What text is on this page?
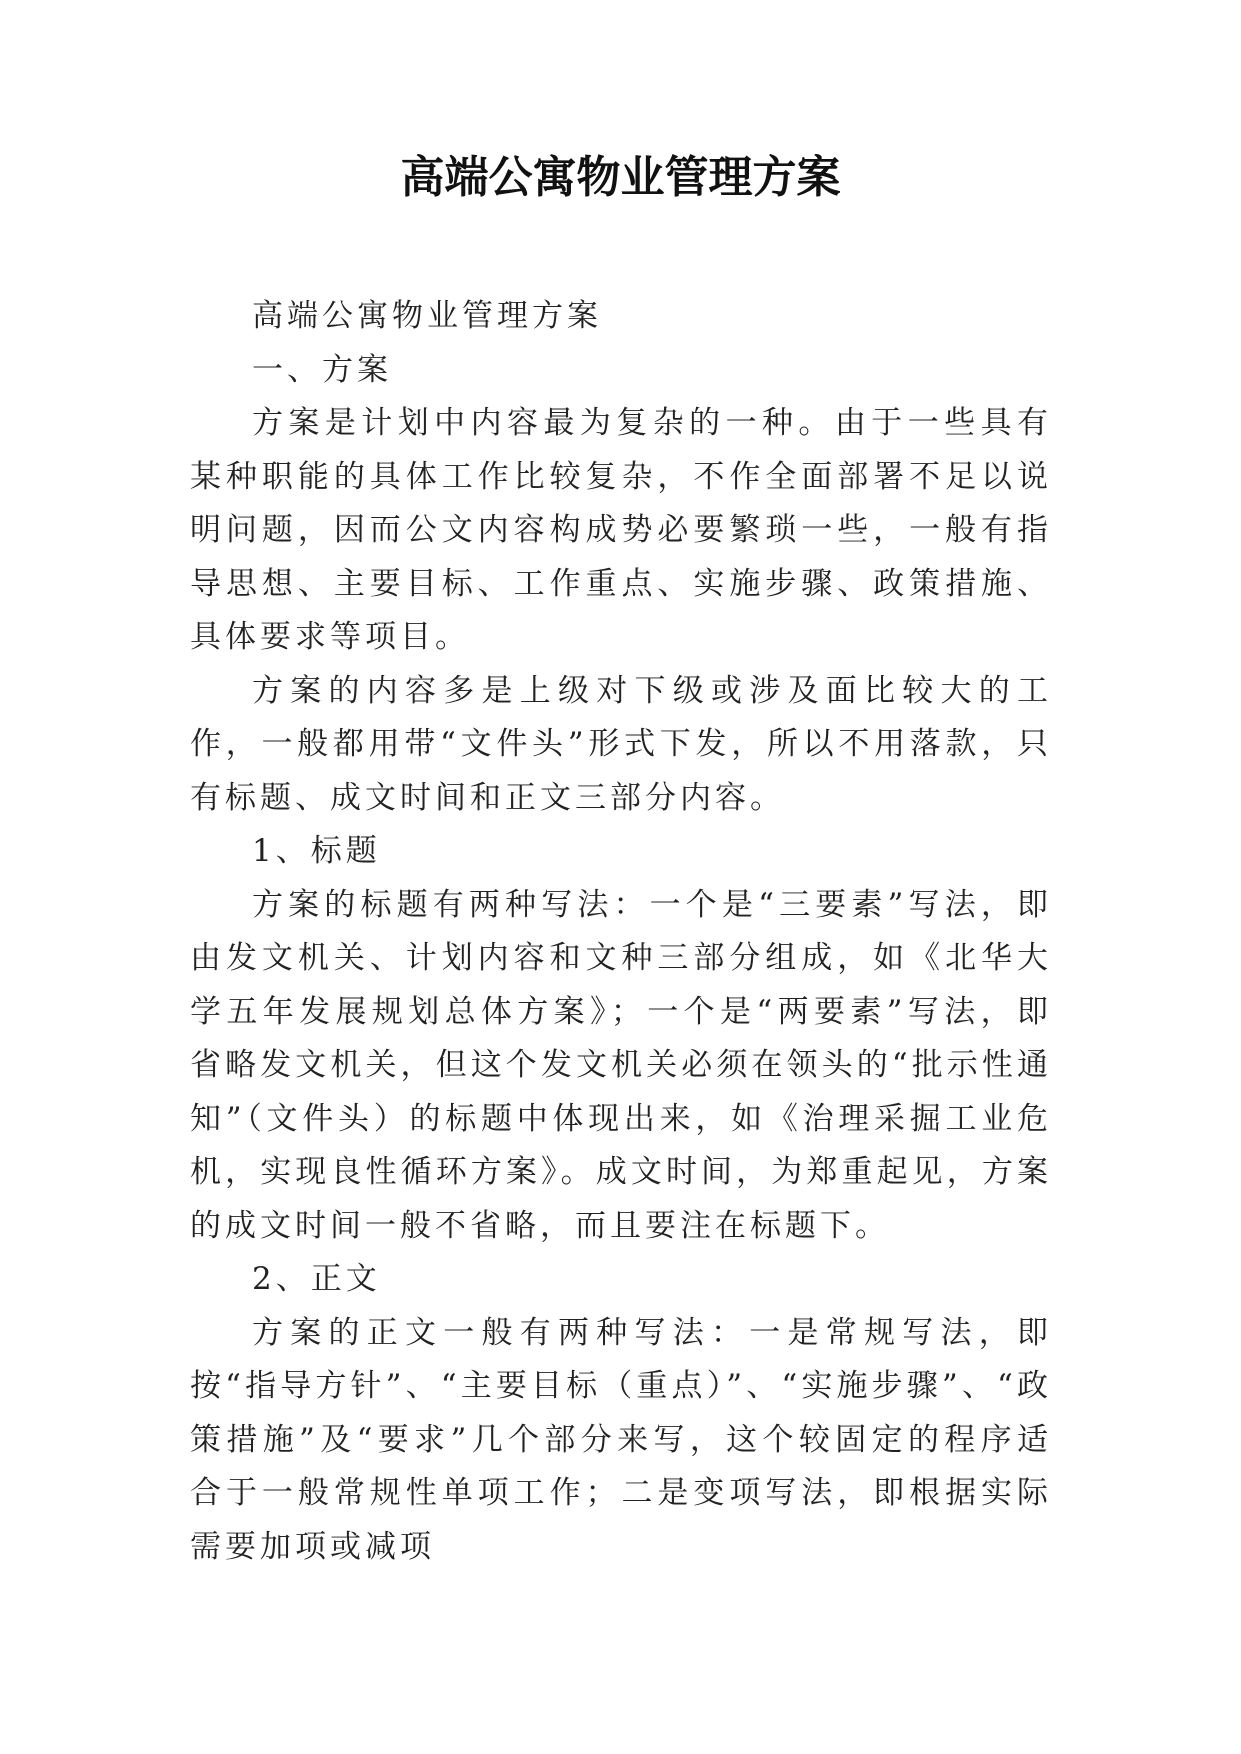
高端公寓物业管理方案

高端公寓物业管理方案

一、方案

方案是计划中内容最为复杂的一种。由于一些具有某种职能的具体工作比较复杂，不作全面部署不足以说明问题，因而公文内容构成势必要繁琐一些，一般有指导思想、主要目标、工作重点、实施步骤、政策措施、具体要求等项目。

方案的内容多是上级对下级或涉及面比较大的工作，一般都用带“文件头”形式下发，所以不用落款，只有标题、成文时间和正文三部分内容。

1、标题

方案的标题有两种写法：一个是“三要素”写法，即由发文机关、计划内容和文种三部分组成，如《北华大学五年发展规划总体方案》；一个是“两要素”写法，即省略发文机关，但这个发文机关必须在领头的“批示性通知”（文件头）的标题中体现出来，如《治理采掘工业危机，实现良性循环方案》。成文时间，为郑重起见，方案的成文时间一般不省略，而且要注在标题下。

2、正文

方案的正文一般有两种写法：一是常规写法，即按“指导方针”、“主要目标（重点）”、“实施步骤”、“政策措施”及“要求”几个部分来写，这个较固定的程序适合于一般常规性单项工作；二是变项写法，即根据实际需要加项或减项
